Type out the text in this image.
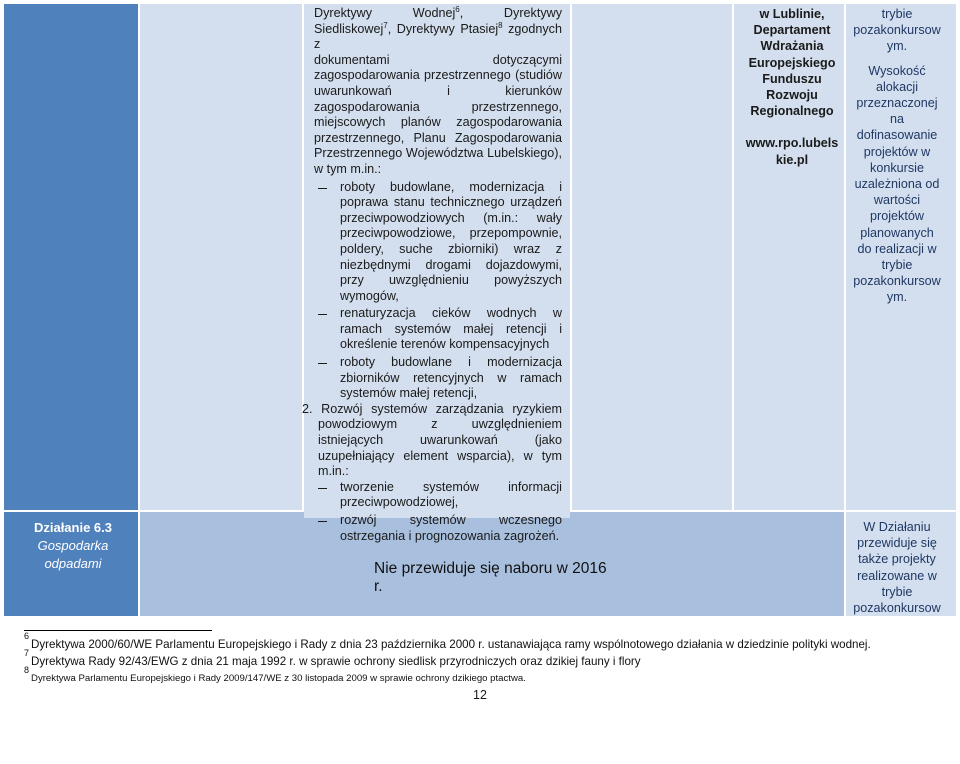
Dyrektywy Wodnej$^6$, Dyrektywy

Siedliskowej$^7$, Dyrektywy Ptasiej$^8$ zgodnych z

dokumentami dotyczącymi

zagospodarowania przestrzennego (studiów

uwarunkowań i kierunków

zagospodarowania przestrzennego,

miejscowych planów zagospodarowania

przestrzennego, Planu Zagospodarowania

Przestrzennego Województwa Lubelskiego),

w tym m.in.:

roboty budowlane, modernizacja i poprawa stanu technicznego urządzeń przeciwpowodziowych (m.in.: wały przeciwpowodziowe, przepompownie, poldery, suche zbiorniki) wraz z niezbędnymi drogami dojazdowymi, przy uwzględnieniu powyższych wymogów,
renaturyzacja cieków wodnych w ramach systemów małej retencji i określenie terenów kompensacyjnych
roboty budowlane i modernizacja zbiorników retencyjnych w ramach systemów małej retencji,

2. Rozwój systemów zarządzania ryzykiem powodziowym z uwzględnieniem istniejących uwarunkowań (jako uzupełniający element wsparcia), w tym m.in.:

tworzenie systemów informacji przeciwpowodziowej,
rozwój systemów wczesnego ostrzegania i prognozowania zagrożeń.
w Lublinie,
Departament
Wdrażania
Europejskiego
Funduszu
Rozwoju
Regionalnego
www.rpo.lubels
kie.pl
trybie
pozakonkursow
ym.
Wysokość
alokacji
przeznaczonej
na
dofinasowanie
projektów w
konkursie
uzależniona od
wartości
projektów
planowanych
do realizacji w
trybie
pozakonkursow
ym.
Działanie 6.3
Gospodarka
odpadami	Nie przewiduje się naboru w 2016 r.
W Działaniu
przewiduje się
także projekty
realizowane w
trybie
pozakonkursow
$^6$Dyrektywa 2000/60/WE Parlamentu Europejskiego i Rady z dnia 23 października 2000 r. ustanawiająca ramy wspólnotowego działania w dziedzinie polityki wodnej.
$^7$Dyrektywa Rady 92/43/EWG z dnia 21 maja 1992 r. w sprawie ochrony siedlisk przyrodniczych oraz dzikiej fauny i flory
$^8$Dyrektywa Parlamentu Europejskiego i Rady 2009/147/WE z 30 listopada 2009 w sprawie ochrony dzikiego ptactwa.
12
